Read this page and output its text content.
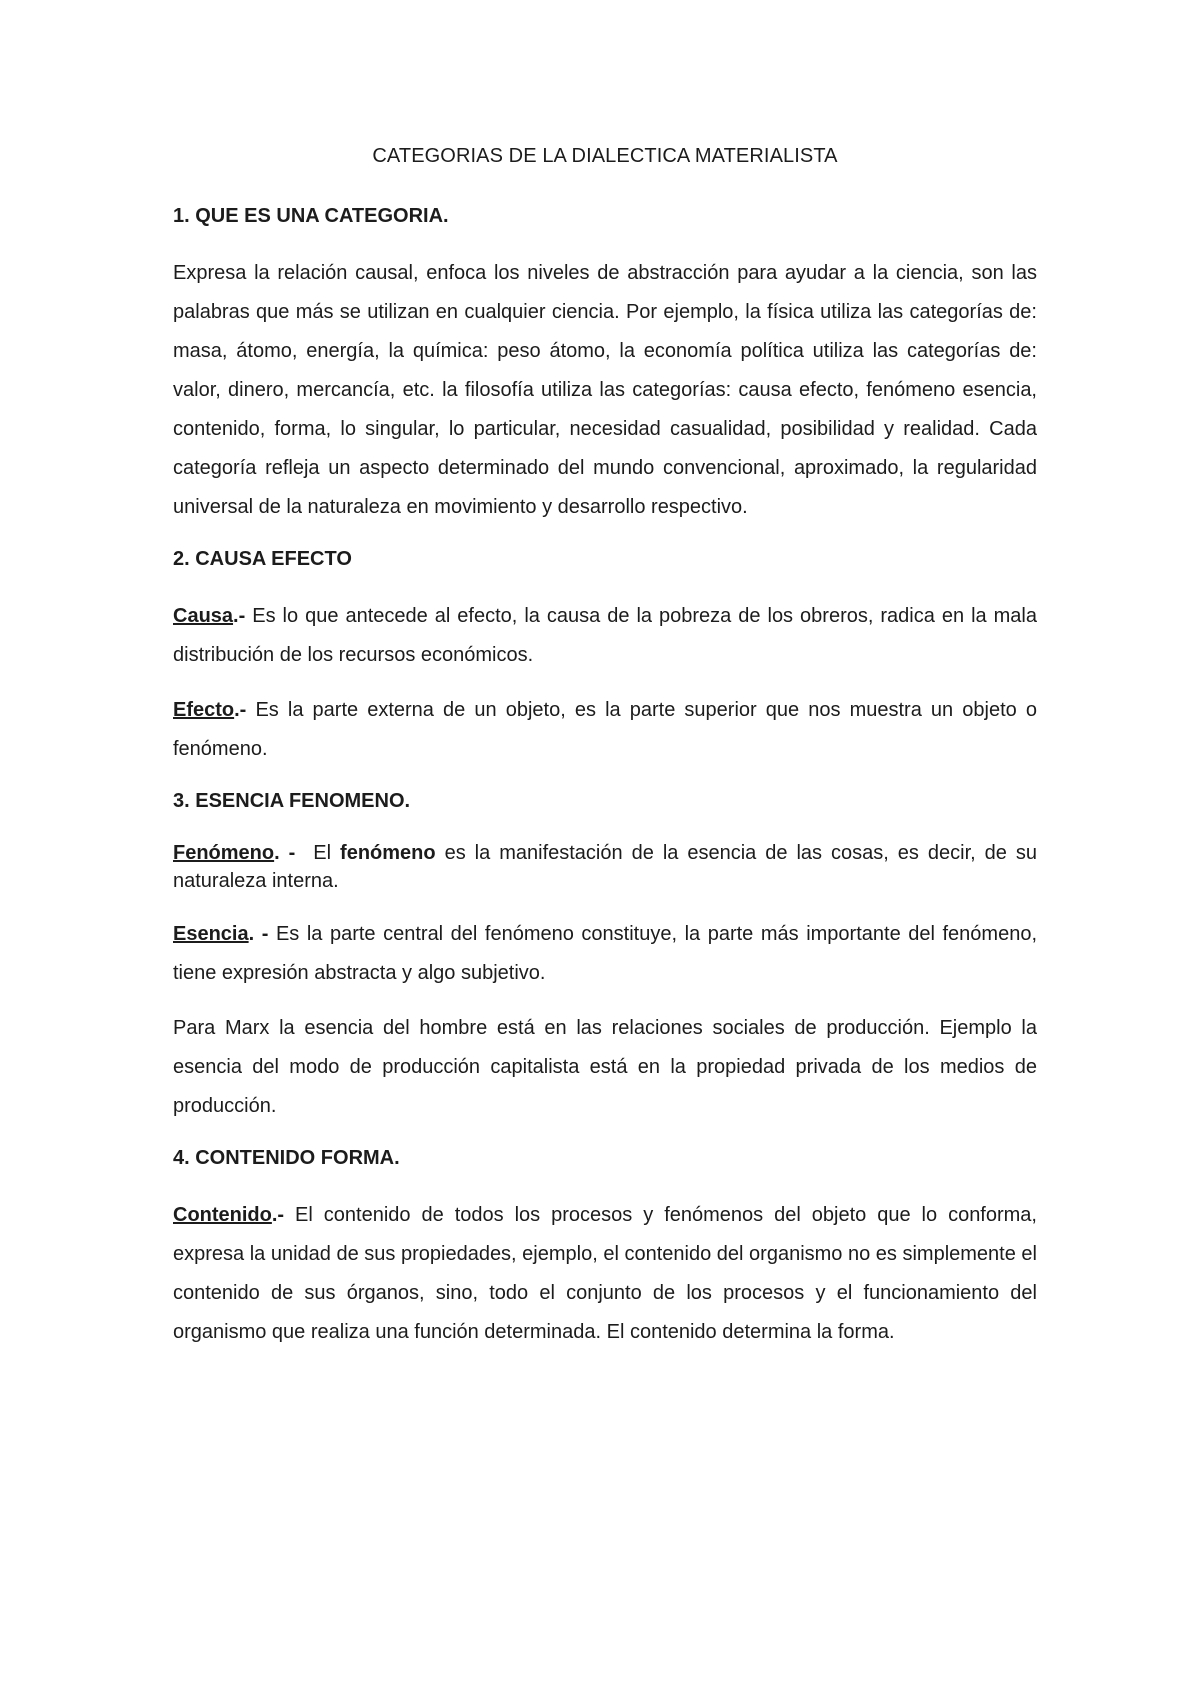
CATEGORIAS DE LA DIALECTICA MATERIALISTA
1. QUE ES UNA CATEGORIA.

Expresa la relación causal, enfoca los niveles de abstracción para ayudar a la ciencia, son las palabras que más se utilizan en cualquier ciencia. Por ejemplo, la física utiliza las categorías de: masa, átomo, energía, la química: peso átomo, la economía política utiliza las categorías de: valor, dinero, mercancía, etc. la filosofía utiliza las categorías: causa efecto, fenómeno esencia, contenido, forma, lo singular, lo particular, necesidad casualidad, posibilidad y realidad. Cada categoría refleja un aspecto determinado del mundo convencional, aproximado, la regularidad universal de la naturaleza en movimiento y desarrollo respectivo.

2. CAUSA EFECTO

Causa.- Es lo que antecede al efecto, la causa de la pobreza de los obreros, radica en la mala distribución de los recursos económicos.

Efecto.- Es la parte externa de un objeto, es la parte superior que nos muestra un objeto o fenómeno.

3. ESENCIA FENOMENO.

Fenómeno. -  El fenómeno es la manifestación de la esencia de las cosas, es decir, de su naturaleza interna.

Esencia. - Es la parte central del fenómeno constituye, la parte más importante del fenómeno, tiene expresión abstracta y algo subjetivo.

Para Marx la esencia del hombre está en las relaciones sociales de producción. Ejemplo la esencia del modo de producción capitalista está en la propiedad privada de los medios de producción.

4. CONTENIDO FORMA.

Contenido.- El contenido de todos los procesos y fenómenos del objeto que lo conforma, expresa la unidad de sus propiedades, ejemplo, el contenido del organismo no es simplemente el contenido de sus órganos, sino, todo el conjunto de los procesos y el funcionamiento del organismo que realiza una función determinada. El contenido determina la forma.
